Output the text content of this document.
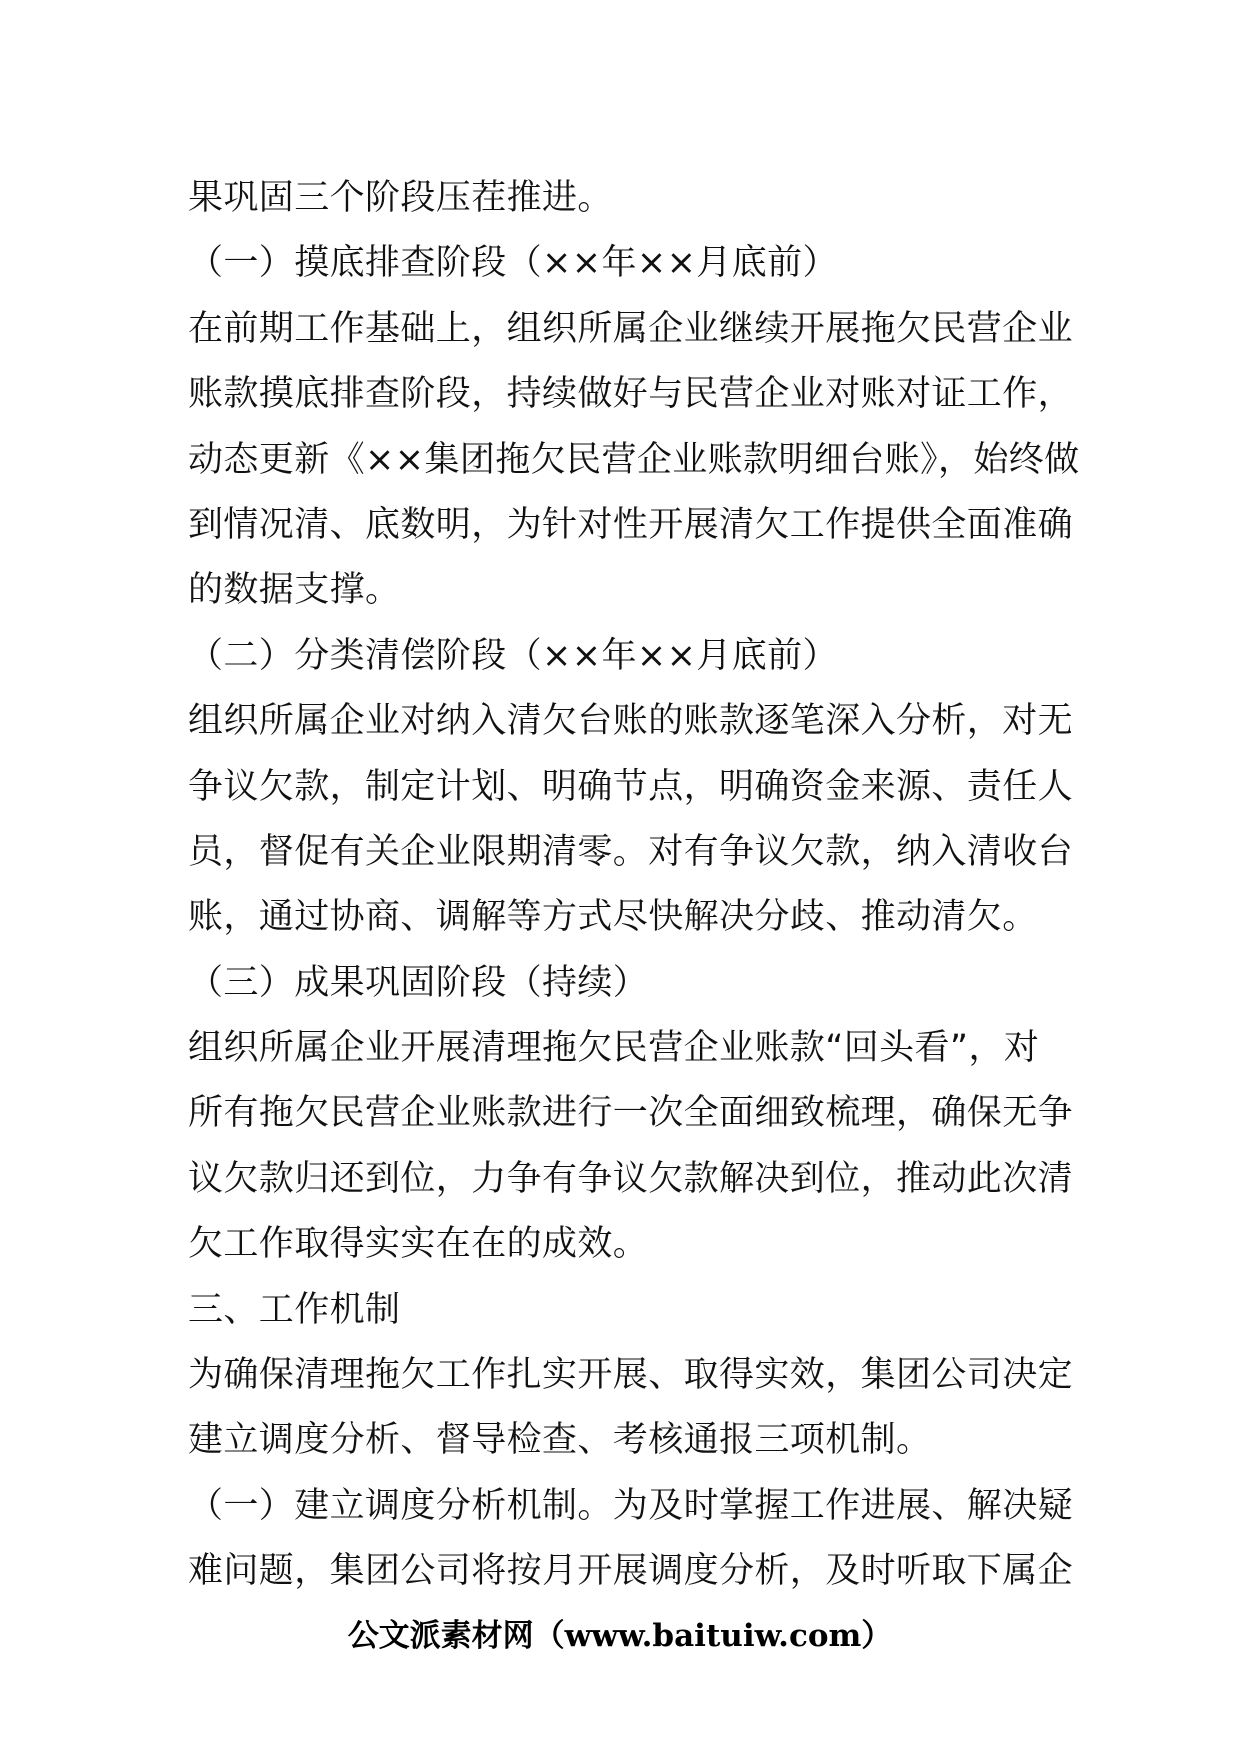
果巩固三个阶段压茬推进。
（一）摸底排查阶段（××年××月底前）
在前期工作基础上，组织所属企业继续开展拖欠民营企业
账款摸底排查阶段，持续做好与民营企业对账对证工作，
动态更新《××集团拖欠民营企业账款明细台账》，始终做
到情况清、底数明，为针对性开展清欠工作提供全面准确
的数据支撑。
（二）分类清偿阶段（××年××月底前）
组织所属企业对纳入清欠台账的账款逐笔深入分析，对无
争议欠款，制定计划、明确节点，明确资金来源、责任人
员，督促有关企业限期清零。对有争议欠款，纳入清收台
账，通过协商、调解等方式尽快解决分歧、推动清欠。
（三）成果巩固阶段（持续）
组织所属企业开展清理拖欠民营企业账款“回头看”，对
所有拖欠民营企业账款进行一次全面细致梳理，确保无争
议欠款归还到位，力争有争议欠款解决到位，推动此次清
欠工作取得实实在在的成效。
三、工作机制
为确保清理拖欠工作扎实开展、取得实效，集团公司决定
建立调度分析、督导检查、考核通报三项机制。
（一）建立调度分析机制。为及时掌握工作进展、解决疑
难问题，集团公司将按月开展调度分析，及时听取下属企
公文派素材网（www.baituiw.com）
